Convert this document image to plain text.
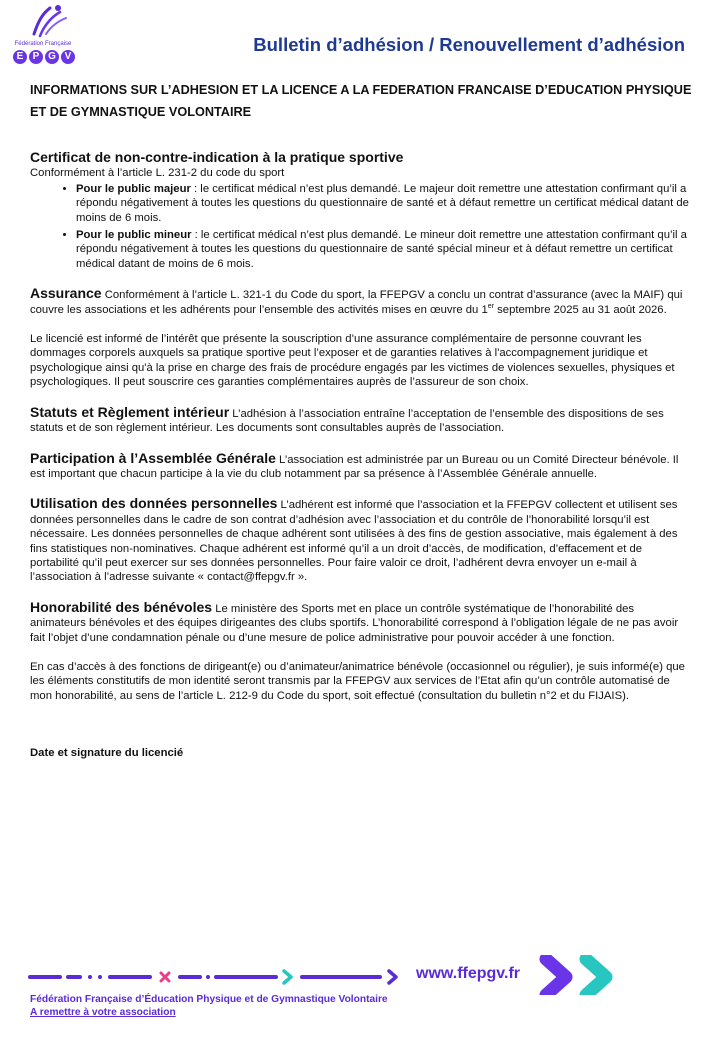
Fédération Française
E P G V
Bulletin d’adhésion / Renouvellement d’adhésion
INFORMATIONS SUR L’ADHESION ET LA LICENCE A LA FEDERATION FRANCAISE D’EDUCATION PHYSIQUE ET DE GYMNASTIQUE VOLONTAIRE

Certificat de non-contre-indication à la pratique sportive
Conformément à l’article L. 231-2 du code du sport

• Pour le public majeur : le certificat médical n’est plus demandé. Le majeur doit remettre une attestation confirmant qu’il a répondu négativement à toutes les questions du questionnaire de santé et à défaut remettre un certificat médical datant de moins de 6 mois.
• Pour le public mineur : le certificat médical n’est plus demandé. Le mineur doit remettre une attestation confirmant qu’il a répondu négativement à toutes les questions du questionnaire de santé spécial mineur et à défaut remettre un certificat médical datant de moins de 6 mois.

Assurance Conformément à l’article L. 321-1 du Code du sport, la FFEPGV a conclu un contrat d’assurance (avec la MAIF) qui couvre les associations et les adhérents pour l’ensemble des activités mises en œuvre du 1er septembre 2025 au 31 août 2026.

Le licencié est informé de l’intérêt que présente la souscription d’une assurance complémentaire de personne couvrant les dommages corporels auxquels sa pratique sportive peut l’exposer et de garanties relatives à l'accompagnement juridique et psychologique ainsi qu'à la prise en charge des frais de procédure engagés par les victimes de violences sexuelles, physiques et psychologiques. Il peut souscrire ces garanties complémentaires auprès de l’assureur de son choix.

Statuts et Règlement intérieur L’adhésion à l’association entraîne l’acceptation de l’ensemble des dispositions de ses statuts et de son règlement intérieur. Les documents sont consultables auprès de l’association.

Participation à l’Assemblée Générale L’association est administrée par un Bureau ou un Comité Directeur bénévole. Il est important que chacun participe à la vie du club notamment par sa présence à l’Assemblée Générale annuelle.

Utilisation des données personnelles L’adhérent est informé que l’association et la FFEPGV collectent et utilisent ses données personnelles dans le cadre de son contrat d’adhésion avec l’association et du contrôle de l’honorabilité lorsqu’il est nécessaire. Les données personnelles de chaque adhérent sont utilisées à des fins de gestion associative, mais également à des fins statistiques non-nominatives. Chaque adhérent est informé qu’il a un droit d’accès, de modification, d’effacement et de portabilité qu’il peut exercer sur ses données personnelles. Pour faire valoir ce droit, l’adhérent devra envoyer un e-mail à l’association à l’adresse suivante « contact@ffepgv.fr ».

Honorabilité des bénévoles Le ministère des Sports met en place un contrôle systématique de l’honorabilité des animateurs bénévoles et des équipes dirigeantes des clubs sportifs. L’honorabilité correspond à l’obligation légale de ne pas avoir fait l’objet d’une condamnation pénale ou d’une mesure de police administrative pour pouvoir accéder à une fonction.

En cas d’accès à des fonctions de dirigeant(e) ou d’animateur/animatrice bénévole (occasionnel ou régulier), je suis informé(e) que les éléments constitutifs de mon identité seront transmis par la FFEPGV aux services de l’Etat afin qu’un contrôle automatisé de mon honorabilité, au sens de l’article L. 212-9 du Code du sport, soit effectué (consultation du bulletin n°2 et du FIJAIS).

Date et signature du licencié

www.ffepgv.fr
Fédération Française d’Éducation Physique et de Gymnastique Volontaire
A remettre à votre association
